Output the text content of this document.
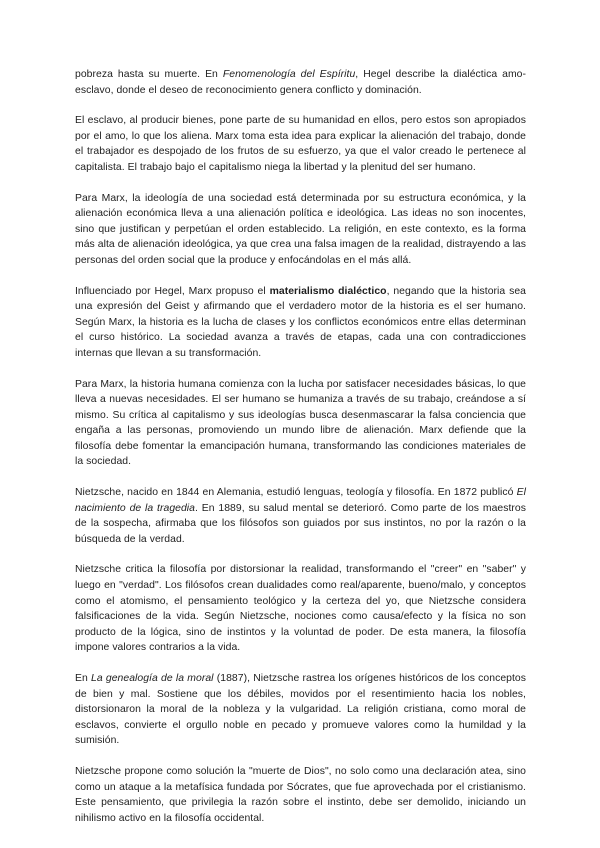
pobreza hasta su muerte. En Fenomenología del Espíritu, Hegel describe la dialéctica amo-esclavo, donde el deseo de reconocimiento genera conflicto y dominación.

El esclavo, al producir bienes, pone parte de su humanidad en ellos, pero estos son apropiados por el amo, lo que los aliena. Marx toma esta idea para explicar la alienación del trabajo, donde el trabajador es despojado de los frutos de su esfuerzo, ya que el valor creado le pertenece al capitalista. El trabajo bajo el capitalismo niega la libertad y la plenitud del ser humano.

Para Marx, la ideología de una sociedad está determinada por su estructura económica, y la alienación económica lleva a una alienación política e ideológica. Las ideas no son inocentes, sino que justifican y perpetúan el orden establecido. La religión, en este contexto, es la forma más alta de alienación ideológica, ya que crea una falsa imagen de la realidad, distrayendo a las personas del orden social que la produce y enfocándolas en el más allá.

Influenciado por Hegel, Marx propuso el materialismo dialéctico, negando que la historia sea una expresión del Geist y afirmando que el verdadero motor de la historia es el ser humano. Según Marx, la historia es la lucha de clases y los conflictos económicos entre ellas determinan el curso histórico. La sociedad avanza a través de etapas, cada una con contradicciones internas que llevan a su transformación.

Para Marx, la historia humana comienza con la lucha por satisfacer necesidades básicas, lo que lleva a nuevas necesidades. El ser humano se humaniza a través de su trabajo, creándose a sí mismo. Su crítica al capitalismo y sus ideologías busca desenmascarar la falsa conciencia que engaña a las personas, promoviendo un mundo libre de alienación. Marx defiende que la filosofía debe fomentar la emancipación humana, transformando las condiciones materiales de la sociedad.

Nietzsche, nacido en 1844 en Alemania, estudió lenguas, teología y filosofía. En 1872 publicó El nacimiento de la tragedia. En 1889, su salud mental se deterioró. Como parte de los maestros de la sospecha, afirmaba que los filósofos son guiados por sus instintos, no por la razón o la búsqueda de la verdad.

Nietzsche critica la filosofía por distorsionar la realidad, transformando el "creer" en "saber" y luego en "verdad". Los filósofos crean dualidades como real/aparente, bueno/malo, y conceptos como el atomismo, el pensamiento teológico y la certeza del yo, que Nietzsche considera falsificaciones de la vida. Según Nietzsche, nociones como causa/efecto y la física no son producto de la lógica, sino de instintos y la voluntad de poder. De esta manera, la filosofía impone valores contrarios a la vida.

En La genealogía de la moral (1887), Nietzsche rastrea los orígenes históricos de los conceptos de bien y mal. Sostiene que los débiles, movidos por el resentimiento hacia los nobles, distorsionaron la moral de la nobleza y la vulgaridad. La religión cristiana, como moral de esclavos, convierte el orgullo noble en pecado y promueve valores como la humildad y la sumisión.

Nietzsche propone como solución la "muerte de Dios", no solo como una declaración atea, sino como un ataque a la metafísica fundada por Sócrates, que fue aprovechada por el cristianismo. Este pensamiento, que privilegia la razón sobre el instinto, debe ser demolido, iniciando un nihilismo activo en la filosofía occidental.
